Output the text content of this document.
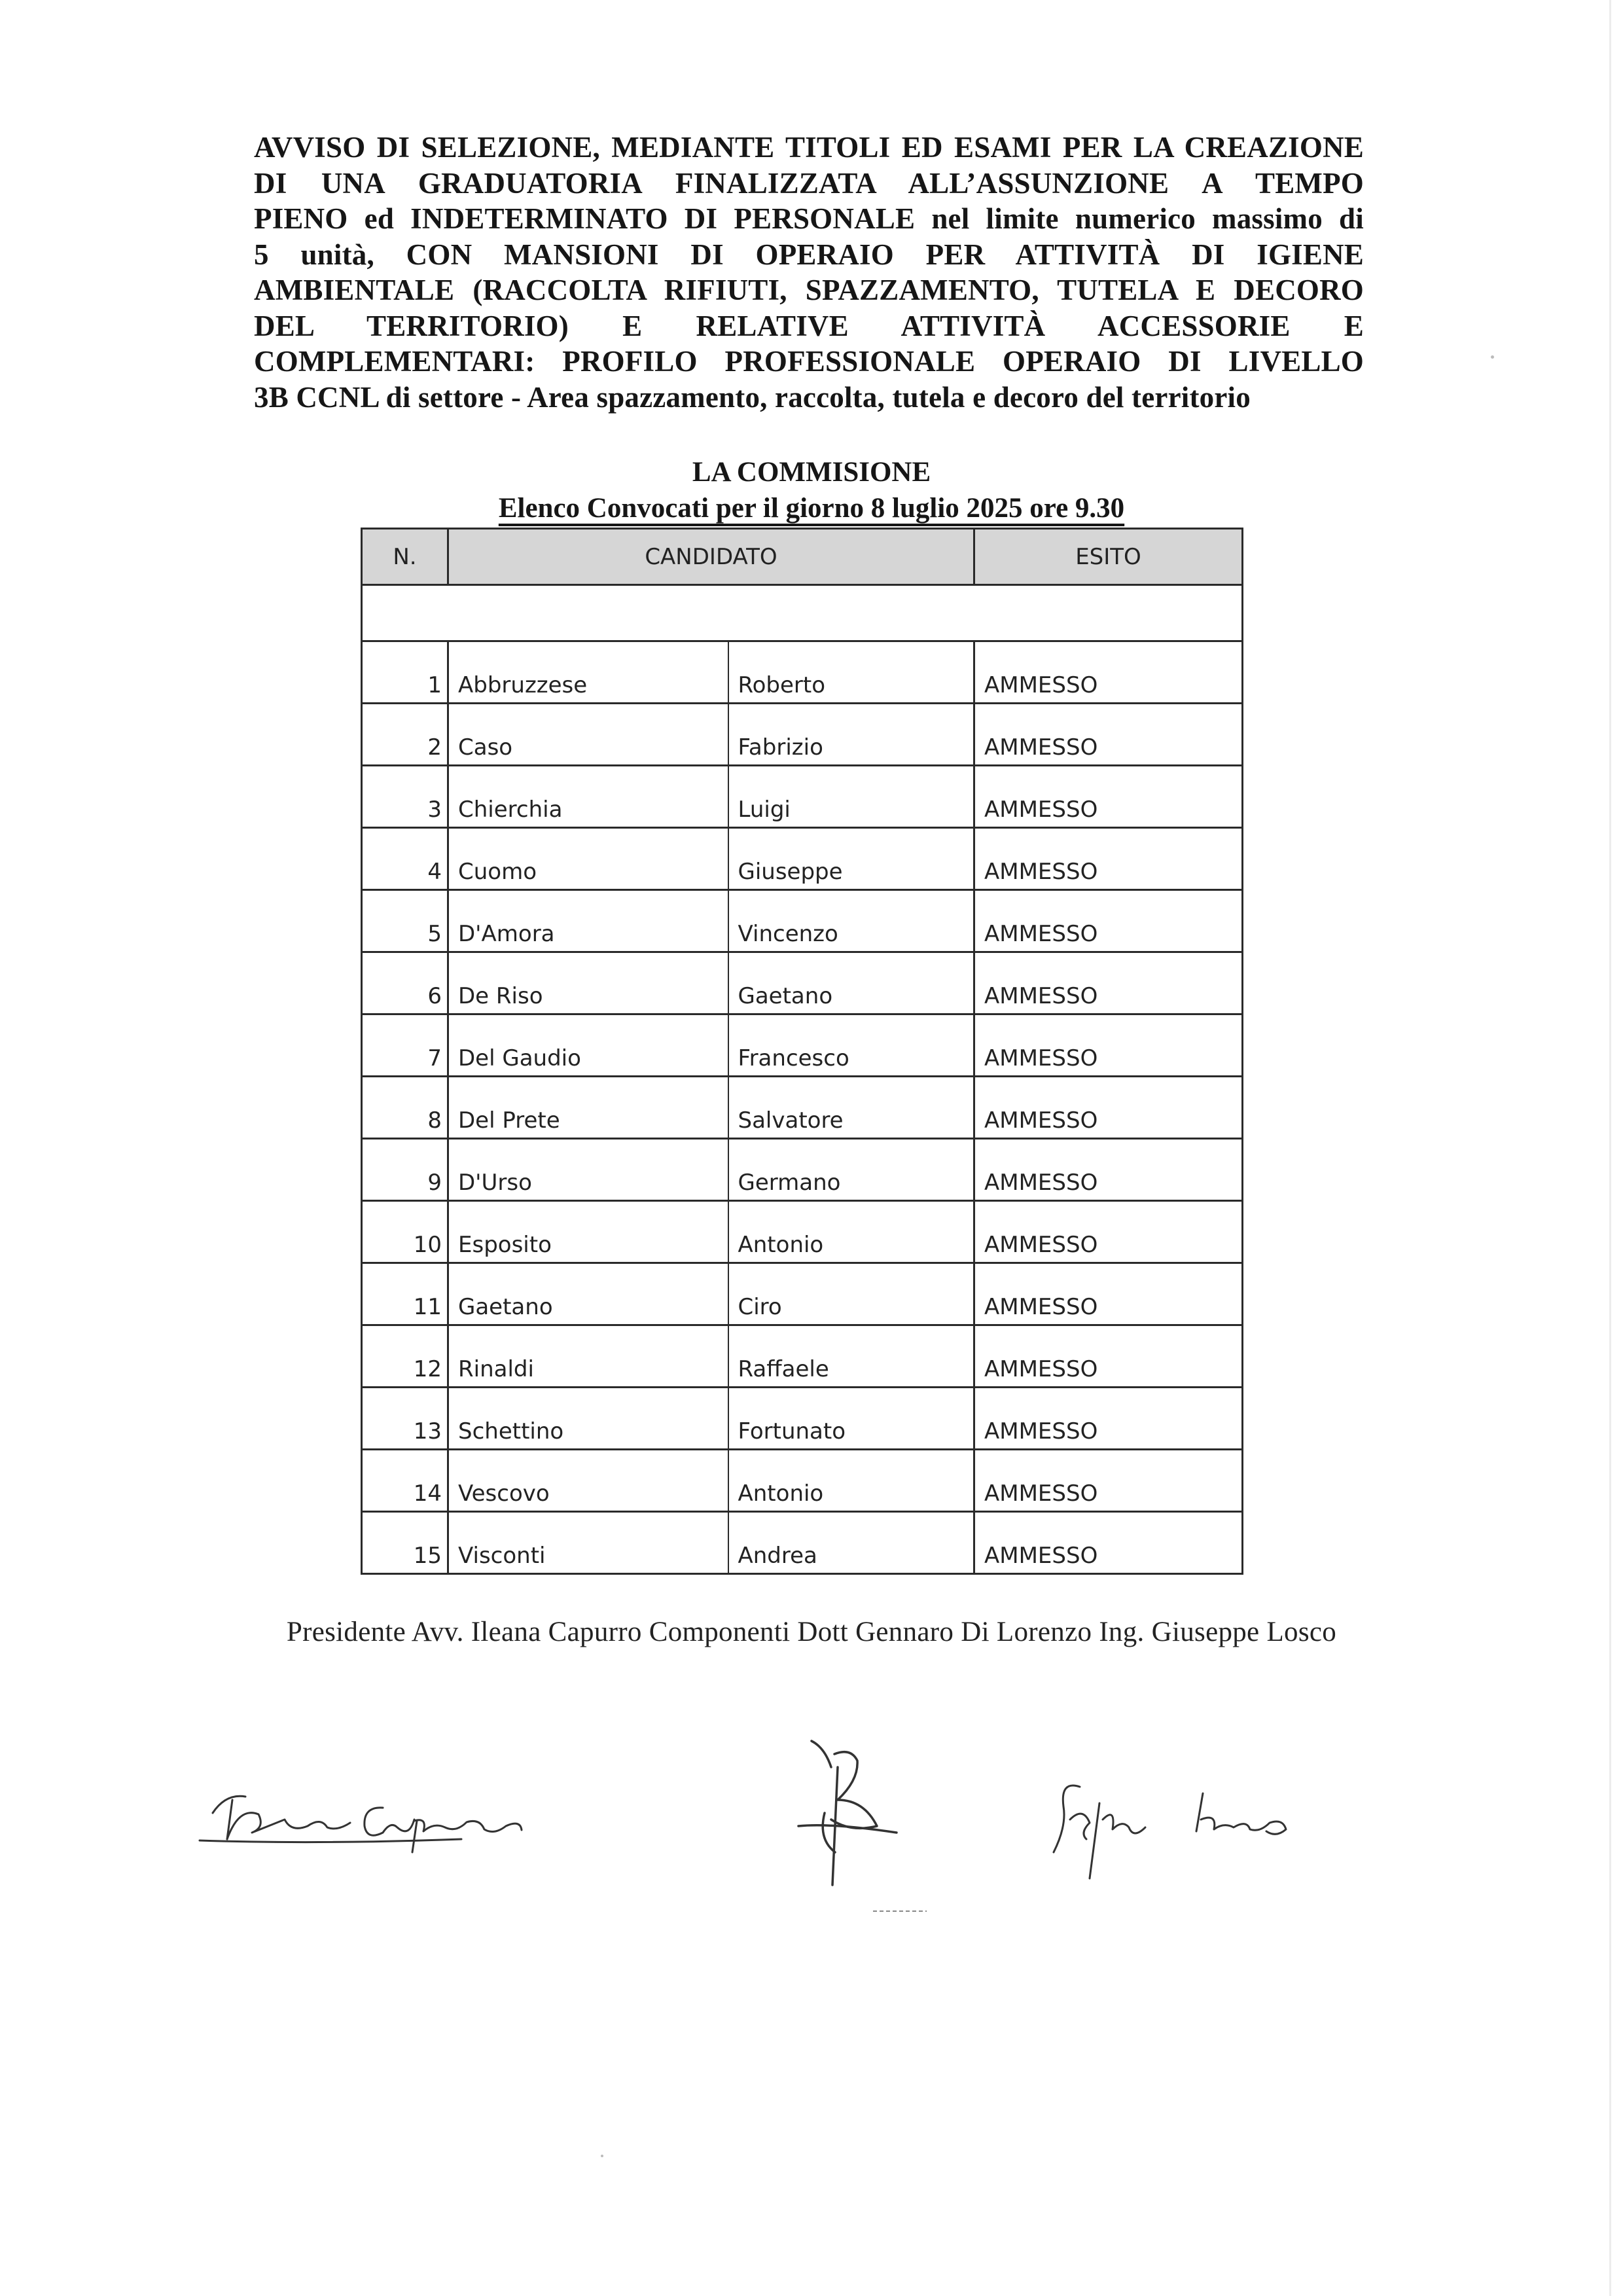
AVVISO DI SELEZIONE, MEDIANTE TITOLI ED ESAMI PER LA CREAZIONE
DI UNA GRADUATORIA FINALIZZATA ALL’ASSUNZIONE A TEMPO
PIENO ed INDETERMINATO DI PERSONALE nel limite numerico massimo di
5 unità, CON MANSIONI DI OPERAIO PER ATTIVITÀ DI IGIENE
AMBIENTALE (RACCOLTA RIFIUTI, SPAZZAMENTO, TUTELA E DECORO
DEL TERRITORIO) E RELATIVE ATTIVITÀ ACCESSORIE E
COMPLEMENTARI: PROFILO PROFESSIONALE OPERAIO DI LIVELLO
3B CCNL di settore - Area spazzamento, raccolta, tutela e decoro del territorio
LA COMMISIONE
Elenco Convocati per il giorno 8 luglio 2025 ore 9.30
N.	CANDIDATO		ESITO

1	Abbruzzese	Roberto	AMMESSO
2	Caso	Fabrizio	AMMESSO
3	Chierchia	Luigi	AMMESSO
4	Cuomo	Giuseppe	AMMESSO
5	D'Amora	Vincenzo	AMMESSO
6	De Riso	Gaetano	AMMESSO
7	Del Gaudio	Francesco	AMMESSO
8	Del Prete	Salvatore	AMMESSO
9	D'Urso	Germano	AMMESSO
10	Esposito	Antonio	AMMESSO
11	Gaetano	Ciro	AMMESSO
12	Rinaldi	Raffaele	AMMESSO
13	Schettino	Fortunato	AMMESSO
14	Vescovo	Antonio	AMMESSO
15	Visconti	Andrea	AMMESSO
Presidente Avv. Ileana Capurro Componenti Dott Gennaro Di Lorenzo Ing. Giuseppe Losco
